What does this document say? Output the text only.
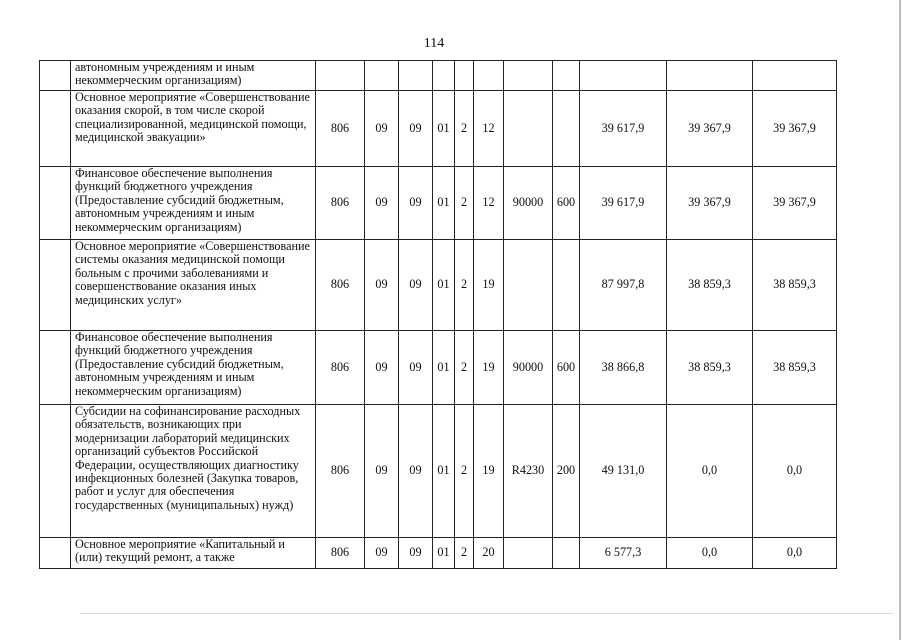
114
	автономным учреждениям и иным некоммерческим организациям)											
	Основное мероприятие «Совершенствование оказания скорой, в том числе скорой специализированной, медицинской помощи, медицинской эвакуации»	806	09	09	01	2	12			39 617,9	39 367,9	39 367,9
	Финансовое обеспечение выполнения функций бюджетного учреждения (Предоставление субсидий бюджетным, автономным учреждениям и иным некоммерческим организациям)	806	09	09	01	2	12	90000	600	39 617,9	39 367,9	39 367,9
	Основное мероприятие «Совершенствование системы оказания медицинской помощи больным с прочими заболеваниями и совершенствование оказания иных медицинских услуг»	806	09	09	01	2	19			87 997,8	38 859,3	38 859,3
	Финансовое обеспечение выполнения функций бюджетного учреждения (Предоставление субсидий бюджетным, автономным учреждениям и иным некоммерческим организациям)	806	09	09	01	2	19	90000	600	38 866,8	38 859,3	38 859,3
	Субсидии на софинансирование расходных обязательств, возникающих при модернизации лабораторий медицинских организаций субъектов Российской Федерации, осуществляющих диагностику инфекционных болезней (Закупка товаров, работ и услуг для обеспечения государственных (муниципальных) нужд)	806	09	09	01	2	19	R4230	200	49 131,0	0,0	0,0
	Основное мероприятие «Капитальный и (или) текущий ремонт, а также	806	09	09	01	2	20			6 577,3	0,0	0,0
